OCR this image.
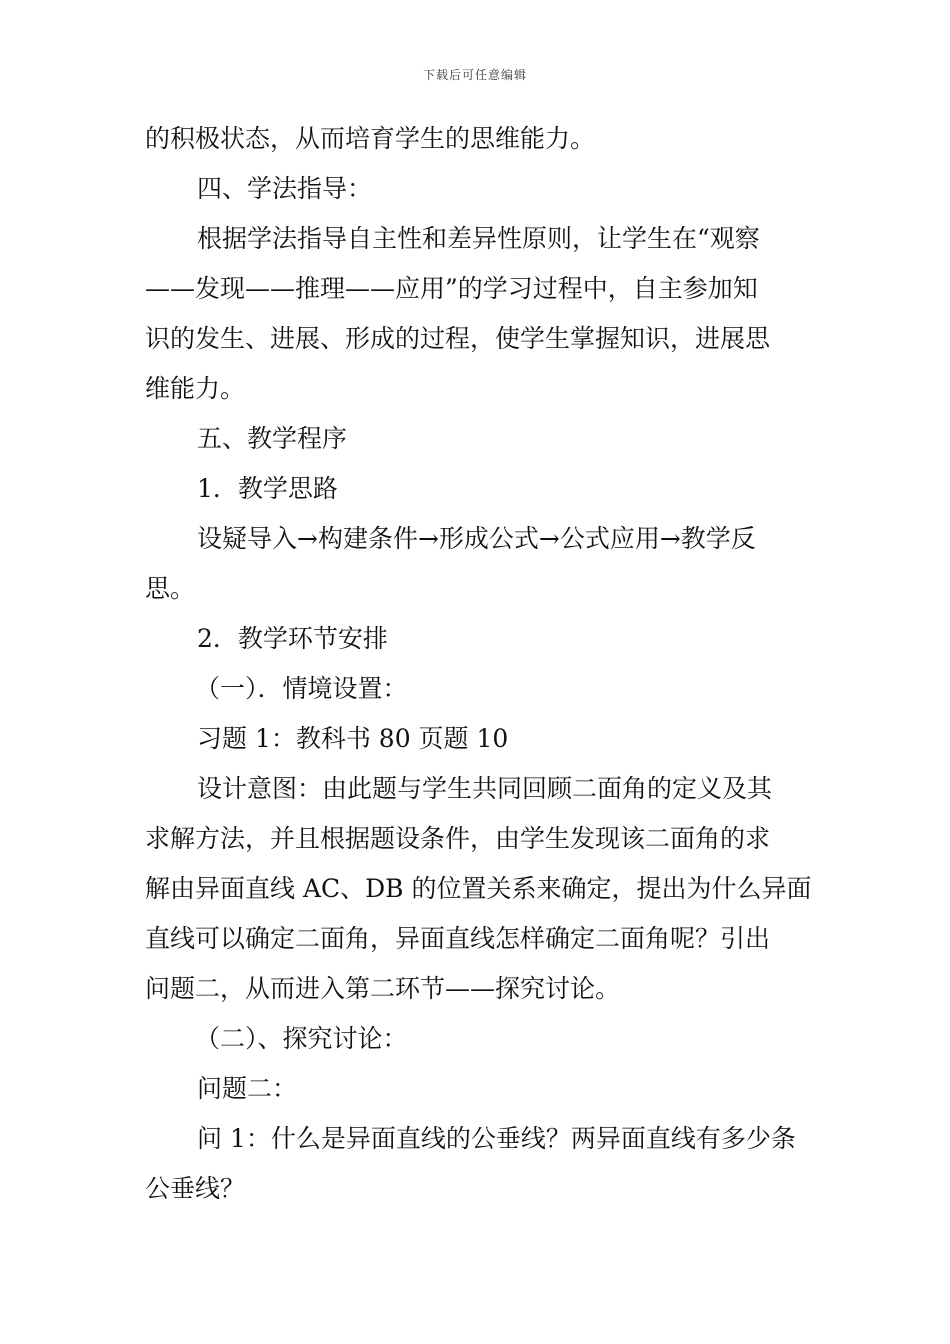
下载后可任意编辑
的积极状态，从而培育学生的思维能力。
四、学法指导：
根据学法指导自主性和差异性原则，让学生在“观察
——发现——推理——应用”的学习过程中，自主参加知
识的发生、进展、形成的过程，使学生掌握知识，进展思
维能力。
五、教学程序
1．教学思路
设疑导入→构建条件→形成公式→公式应用→教学反
思。
2．教学环节安排
（一）．情境设置：
习题 1：教科书 80 页题 10
设计意图：由此题与学生共同回顾二面角的定义及其
求解方法，并且根据题设条件，由学生发现该二面角的求
解由异面直线 AC、DB 的位置关系来确定，提出为什么异面
直线可以确定二面角，异面直线怎样确定二面角呢？引出
问题二，从而进入第二环节——探究讨论。
（二）、探究讨论：
问题二：
问 1：什么是异面直线的公垂线？两异面直线有多少条
公垂线？
